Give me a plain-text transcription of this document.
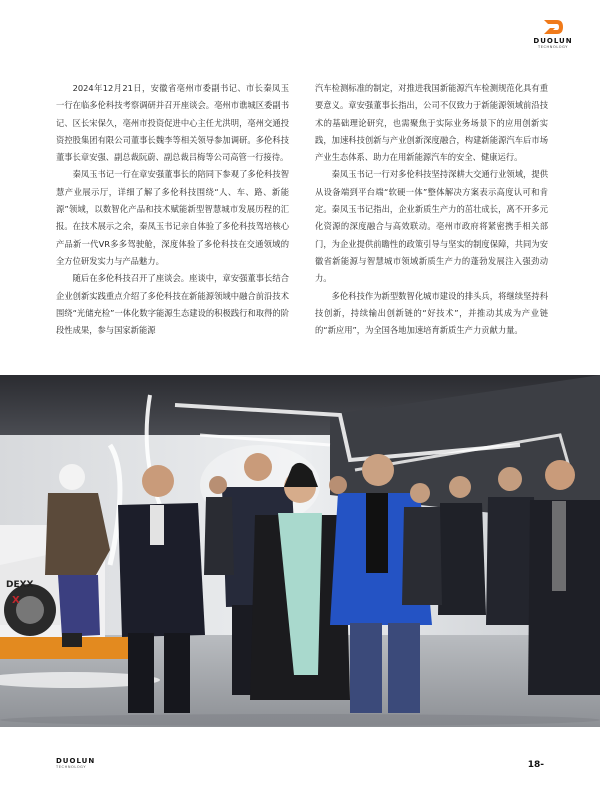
DUOLUN
TECHNOLOGY

2024年12月21日，安徽省亳州市委副书记、市长秦凤玉一行在临多伦科技考察调研并召开座谈会。亳州市谯城区委副书记、区长宋保久，亳州市投资促进中心主任尤洪明，亳州交通投资控股集团有限公司董事长魏李等相关领导参加调研。多伦科技董事长章安强、副总裁阮蔚、副总裁吕梅等公司高管一行接待。

秦凤玉书记一行在章安强董事长的陪同下参观了多伦科技智慧产业展示厅，详细了解了多伦科技围绕“人、车、路、新能源”领域，以数智化产品和技术赋能新型智慧城市发展历程的汇报。在技术展示之余，秦凤玉书记亲自体验了多伦科技驾培核心产品新一代VR多多驾驶舱，深度体验了多伦科技在交通领域的全方位研发实力与产品魅力。

随后在多伦科技召开了座谈会。座谈中，章安强董事长结合企业创新实践重点介绍了多伦科技在新能源领域中融合前沿技术围绕“光储充检”一体化数字能源生态建设的积极践行和取得的阶段性成果，参与国家新能源

汽车检测标准的制定，对推进我国新能源汽车检测规范化具有重要意义。章安强董事长指出，公司不仅致力于新能源领域前沿技术的基础理论研究，也需聚焦于实际业务场景下的应用创新实践，加速科技创新与产业创新深度融合，构建新能源汽车后市场产业生态体系、助力在用新能源汽车的安全、健康运行。

秦凤玉书记一行对多伦科技坚持深耕大交通行业领域，提供从设备端到平台端“软硬一体”整体解决方案表示高度认可和肯定。秦凤玉书记指出，企业新质生产力的茁壮成长，离不开多元化资源的深度融合与高效联动。亳州市政府将紧密携手相关部门，为企业提供前瞻性的政策引导与坚实的制度保障，共同为安徽省新能源与智慧城市领域新质生产力的蓬勃发展注入强劲动力。

多伦科技作为新型数智化城市建设的排头兵，将继续坚持科技创新，持续输出创新链的“好技术”，并推动其成为产业链的“新应用”，为全国各地加速培育新质生产力贡献力量。

DEXX
X
DUOLUN
TECHNOLOGY	18-
